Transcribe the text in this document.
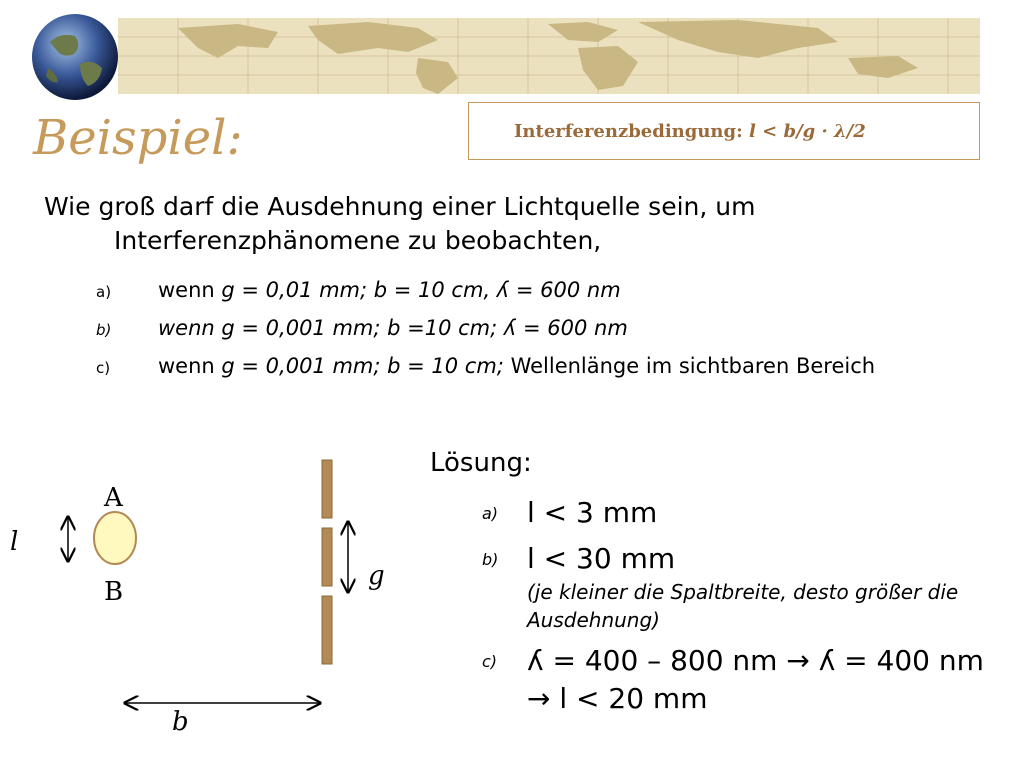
Beispiel:	Interferenzbedingung: l < b/g · λ/2
Wie groß darf die Ausdehnung einer Lichtquelle sein, um Interferenzphänomene zu beobachten,
a) wenn g = 0,01 mm; b = 10 cm, ʎ = 600 nm
b) wenn g = 0,001 mm; b =10 cm; ʎ = 600 nm
c) wenn g = 0,001 mm; b = 10 cm; Wellenlänge im sichtbaren Bereich
A
B
l
g
b
Lösung:
a) l < 3 mm
b) l < 30 mm
(je kleiner die Spaltbreite, desto größer die Ausdehnung)
c) ʎ = 400 – 800 nm → ʎ = 400 nm → l < 20 mm
